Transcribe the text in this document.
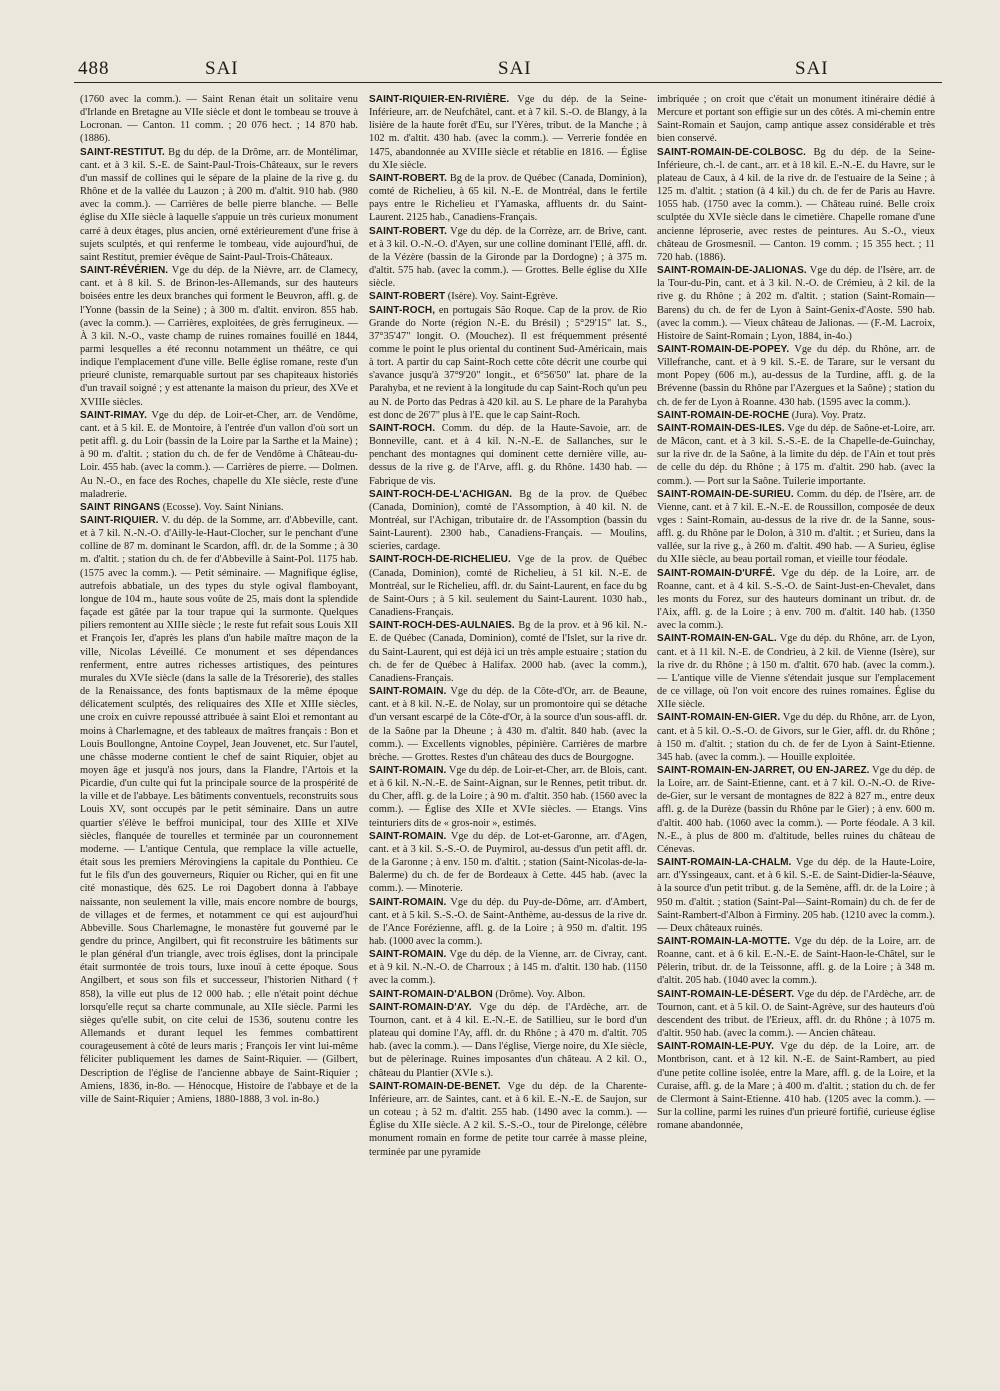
488	SAI	SAI	SAI

(1760 avec la comm.). — Saint Renan était un solitaire venu d'Irlande en Bretagne au VIIe siècle et dont le tombeau se trouve à Locronan. — Canton. 11 comm. ; 20 076 hect. ; 14 870 hab. (1886).

SAINT-RESTITUT. Bg du dép. de la Drôme, arr. de Montélimar, cant. et à 3 kil. S.-E. de Saint-Paul-Trois-Châteaux, sur le revers d'un massif de collines qui le sépare de la plaine de la rive g. du Rhône et de la vallée du Lauzon ; à 200 m. d'altit. 910 hab. (980 avec la comm.). — Carrières de belle pierre blanche. — Belle église du XIIe siècle à laquelle s'appuie un très curieux monument carré à deux étages, plus ancien, orné extérieurement d'une frise à sujets sculptés, et qui renferme le tombeau, vide aujourd'hui, de saint Restitut, premier évêque de Saint-Paul-Trois-Châteaux.

SAINT-RÉVÉRIEN. Vge du dép. de la Nièvre, arr. de Clamecy, cant. et à 8 kil. S. de Brinon-les-Allemands, sur des hauteurs boisées entre les deux branches qui forment le Beuvron, affl. g. de l'Yonne (bassin de la Seine) ; à 300 m. d'altit. environ. 855 hab. (avec la comm.). — Carrières, exploitées, de grès ferrugineux. — À 3 kil. N.-O., vaste champ de ruines romaines fouillé en 1844, parmi lesquelles a été reconnu notamment un théâtre, ce qui indique l'emplacement d'une ville. Belle église romane, reste d'un prieuré cluniste, remarquable surtout par ses chapiteaux historiés d'un travail soigné ; y est attenante la maison du prieur, des XVe et XVIIIe siècles.

SAINT-RIMAY. Vge du dép. de Loir-et-Cher, arr. de Vendôme, cant. et à 5 kil. E. de Montoire, à l'entrée d'un vallon d'où sort un petit affl. g. du Loir (bassin de la Loire par la Sarthe et la Maine) ; à 90 m. d'altit. ; station du ch. de fer de Vendôme à Château-du-Loir. 455 hab. (avec la comm.). — Carrières de pierre. — Dolmen. Au N.-O., en face des Roches, chapelle du XIe siècle, reste d'une maladrerie.

SAINT RINGANS (Ecosse). Voy. Saint Ninians.

SAINT-RIQUIER. V. du dép. de la Somme, arr. d'Abbeville, cant. et à 7 kil. N.-N.-O. d'Ailly-le-Haut-Clocher, sur le penchant d'une colline de 87 m. dominant le Scardon, affl. dr. de la Somme ; à 30 m. d'altit. ; station du ch. de fer d'Abbeville à Saint-Pol. 1175 hab. (1575 avec la comm.). — Petit séminaire. — Magnifique église, autrefois abbatiale, un des types du style ogival flamboyant, longue de 104 m., haute sous voûte de 25, mais dont la splendide façade est gâtée par la tour trapue qui la surmonte. Quelques piliers remontent au XIIIe siècle ; le reste fut refait sous Louis XII et François Ier, d'après les plans d'un habile maître maçon de la ville, Nicolas Léveillé. Ce monument et ses dépendances renferment, entre autres richesses artistiques, des peintures murales du XVIe siècle (dans la salle de la Trésorerie), des stalles de la Renaissance, des fonts baptismaux de la même époque délicatement sculptés, des reliquaires des XIIe et XIIIe siècles, une croix en cuivre repoussé attribuée à saint Eloi et remontant au moins à Charlemagne, et des tableaux de maîtres français : Bon et Louis Boullongne, Antoine Coypel, Jean Jouvenet, etc. Sur l'autel, une châsse moderne contient le chef de saint Riquier, objet au moyen âge et jusqu'à nos jours, dans la Flandre, l'Artois et la Picardie, d'un culte qui fut la principale source de la prospérité de la ville et de l'abbaye. Les bâtiments conventuels, reconstruits sous Louis XV, sont occupés par le petit séminaire. Dans un autre quartier s'élève le beffroi municipal, tour des XIIIe et XIVe siècles, flanquée de tourelles et terminée par un couronnement moderne. — L'antique Centula, que remplace la ville actuelle, était sous les premiers Mérovingiens la capitale du Ponthieu. Ce fut le fils d'un des gouverneurs, Riquier ou Richer, qui en fit une cité monastique, dès 625. Le roi Dagobert donna à l'abbaye naissante, non seulement la ville, mais encore nombre de bourgs, de villages et de fermes, et notamment ce qui est aujourd'hui Abbeville. Sous Charlemagne, le monastère fut gouverné par le gendre du prince, Angilbert, qui fit reconstruire les bâtiments sur le plan général d'un triangle, avec trois églises, dont la principale était surmontée de trois tours, luxe inouï à cette époque. Sous Angilbert, et sous son fils et successeur, l'historien Nithard († 858), la ville eut plus de 12 000 hab. ; elle n'était point déchue lorsqu'elle reçut sa charte communale, au XIIe siècle. Parmi les sièges qu'elle subit, on cite celui de 1536, soutenu contre les Allemands et durant lequel les femmes combattirent courageusement à côté de leurs maris ; François Ier vint lui-même féliciter publiquement les dames de Saint-Riquier. — (Gilbert, Description de l'église de l'ancienne abbaye de Saint-Riquier ; Amiens, 1836, in-8o. — Hénocque, Histoire de l'abbaye et de la ville de Saint-Riquier ; Amiens, 1880-1888, 3 vol. in-8o.)

SAINT-RIQUIER-EN-RIVIÈRE. Vge du dép. de la Seine-Inférieure, arr. de Neufchâtel, cant. et à 7 kil. S.-O. de Blangy, à la lisière de la haute forêt d'Eu, sur l'Yères, tribut. de la Manche ; à 102 m. d'altit. 430 hab. (avec la comm.). — Verrerie fondée en 1475, abandonnée au XVIIIe siècle et rétablie en 1816. — Église du XIe siècle.

SAINT-ROBERT. Bg de la prov. de Québec (Canada, Dominion), comté de Richelieu, à 65 kil. N.-E. de Montréal, dans le fertile pays entre le Richelieu et l'Yamaska, affluents dr. du Saint-Laurent. 2125 hab., Canadiens-Français.

SAINT-ROBERT. Vge du dép. de la Corrèze, arr. de Brive, cant. et à 3 kil. O.-N.-O. d'Ayen, sur une colline dominant l'Ellé, affl. dr. de la Vézère (bassin de la Gironde par la Dordogne) ; à 375 m. d'altit. 575 hab. (avec la comm.). — Grottes. Belle église du XIIe siècle.

SAINT-ROBERT (Isère). Voy. Saint-Egrève.

SAINT-ROCH, en portugais São Roque. Cap de la prov. de Rio Grande do Norte (région N.-E. du Brésil) ; 5°29'15" lat. S., 37°35'47" longit. O. (Mouchez). Il est fréquemment présenté comme le point le plus oriental du continent Sud-Américain, mais à tort. A partir du cap Saint-Roch cette côte décrit une courbe qui s'avance jusqu'à 37°9'20" longit., et 6°56'50" lat. phare de la Parahyba, et ne revient à la longitude du cap Saint-Roch qu'un peu au N. de Porto das Pedras à 420 kil. au S. Le phare de la Parahyba est donc de 26'7" plus à l'E. que le cap Saint-Roch.

SAINT-ROCH. Comm. du dép. de la Haute-Savoie, arr. de Bonneville, cant. et à 4 kil. N.-N.-E. de Sallanches, sur le penchant des montagnes qui dominent cette dernière ville, au-dessus de la rive g. de l'Arve, affl. g. du Rhône. 1430 hab. — Fabrique de vis.

SAINT-ROCH-DE-L'ACHIGAN. Bg de la prov. de Québec (Canada, Dominion), comté de l'Assomption, à 40 kil. N. de Montréal, sur l'Achigan, tributaire dr. de l'Assomption (bassin du Saint-Laurent). 2300 hab., Canadiens-Français. — Moulins, scieries, cardage.

SAINT-ROCH-DE-RICHELIEU. Vge de la prov. de Québec (Canada, Dominion), comté de Richelieu, à 51 kil. N.-E. de Montréal, sur le Richelieu, affl. dr. du Saint-Laurent, en face du bg de Saint-Ours ; à 5 kil. seulement du Saint-Laurent. 1030 hab., Canadiens-Français.

SAINT-ROCH-DES-AULNAIES. Bg de la prov. et à 96 kil. N.-E. de Québec (Canada, Dominion), comté de l'Islet, sur la rive dr. du Saint-Laurent, qui est déjà ici un très ample estuaire ; station du ch. de fer de Québec à Halifax. 2000 hab. (avec la comm.), Canadiens-Français.

SAINT-ROMAIN. Vge du dép. de la Côte-d'Or, arr. de Beaune, cant. et à 8 kil. N.-E. de Nolay, sur un promontoire qui se détache d'un versant escarpé de la Côte-d'Or, à la source d'un sous-affl. dr. de la Saône par la Dheune ; à 430 m. d'altit. 840 hab. (avec la comm.). — Excellents vignobles, pépinière. Carrières de marbre brèche. — Grottes. Restes d'un château des ducs de Bourgogne.

SAINT-ROMAIN. Vge du dép. de Loir-et-Cher, arr. de Blois, cant. et à 6 kil. N.-N.-E. de Saint-Aignan, sur le Rennes, petit tribut. dr. du Cher, affl. g. de la Loire ; à 90 m. d'altit. 350 hab. (1560 avec la comm.). — Église des XIIe et XVIe siècles. — Etangs. Vins teinturiers dits de « gros-noir », estimés.

SAINT-ROMAIN. Vge du dép. de Lot-et-Garonne, arr. d'Agen, cant. et à 3 kil. S.-S.-O. de Puymirol, au-dessus d'un petit affl. dr. de la Garonne ; à env. 150 m. d'altit. ; station (Saint-Nicolas-de-la-Balerme) du ch. de fer de Bordeaux à Cette. 445 hab. (avec la comm.). — Minoterie.

SAINT-ROMAIN. Vge du dép. du Puy-de-Dôme, arr. d'Ambert, cant. et à 5 kil. S.-S.-O. de Saint-Anthème, au-dessus de la rive dr. de l'Ance Forézienne, affl. g. de la Loire ; à 950 m. d'altit. 195 hab. (1000 avec la comm.).

SAINT-ROMAIN. Vge du dép. de la Vienne, arr. de Civray, cant. et à 9 kil. N.-N.-O. de Charroux ; à 145 m. d'altit. 130 hab. (1150 avec la comm.).

SAINT-ROMAIN-D'ALBON (Drôme). Voy. Albon.

SAINT-ROMAIN-D'AY. Vge du dép. de l'Ardèche, arr. de Tournon, cant. et à 4 kil. E.-N.-E. de Satillieu, sur le bord d'un plateau qui domine l'Ay, affl. dr. du Rhône ; à 470 m. d'altit. 705 hab. (avec la comm.). — Dans l'église, Vierge noire, du XIe siècle, but de pèlerinage. Ruines imposantes d'un château. A 2 kil. O., château du Plantier (XVIe s.).

SAINT-ROMAIN-DE-BENET. Vge du dép. de la Charente-Inférieure, arr. de Saintes, cant. et à 6 kil. E.-N.-E. de Saujon, sur un coteau ; à 52 m. d'altit. 255 hab. (1490 avec la comm.). — Église du XIIe siècle. A 2 kil. S.-S.-O., tour de Pirelonge, célèbre monument romain en forme de petite tour carrée à masse pleine, terminée par une pyramide

imbriquée ; on croit que c'était un monument itinéraire dédié à Mercure et portant son effigie sur un des côtés. A mi-chemin entre Saint-Romain et Saujon, camp antique assez considérable et très bien conservé.

SAINT-ROMAIN-DE-COLBOSC. Bg du dép. de la Seine-Inférieure, ch.-l. de cant., arr. et à 18 kil. E.-N.-E. du Havre, sur le plateau de Caux, à 4 kil. de la rive dr. de l'estuaire de la Seine ; à 125 m. d'altit. ; station (à 4 kil.) du ch. de fer de Paris au Havre. 1055 hab. (1750 avec la comm.). — Château ruiné. Belle croix sculptée du XVIe siècle dans le cimetière. Chapelle romane d'une ancienne léproserie, avec restes de peintures. Au S.-O., vieux château de Grosmesnil. — Canton. 19 comm. ; 15 355 hect. ; 11 720 hab. (1886).

SAINT-ROMAIN-DE-JALIONAS. Vge du dép. de l'Isère, arr. de la Tour-du-Pin, cant. et à 3 kil. N.-O. de Crémieu, à 2 kil. de la rive g. du Rhône ; à 202 m. d'altit. ; station (Saint-Romain—Barens) du ch. de fer de Lyon à Saint-Genix-d'Aoste. 590 hab. (avec la comm.). — Vieux château de Jalionas. — (F.-M. Lacroix, Histoire de Saint-Romain ; Lyon, 1884, in-4o.)

SAINT-ROMAIN-DE-POPEY. Vge du dép. du Rhône, arr. de Villefranche, cant. et à 9 kil. S.-E. de Tarare, sur le versant du mont Popey (606 m.), au-dessus de la Turdine, affl. g. de la Brévenne (bassin du Rhône par l'Azergues et la Saône) ; station du ch. de fer de Lyon à Roanne. 430 hab. (1595 avec la comm.).

SAINT-ROMAIN-DE-ROCHE (Jura). Voy. Pratz.

SAINT-ROMAIN-DES-ILES. Vge du dép. de Saône-et-Loire, arr. de Mâcon, cant. et à 3 kil. S.-S.-E. de la Chapelle-de-Guinchay, sur la rive dr. de la Saône, à la limite du dép. de l'Ain et tout près de celle du dép. du Rhône ; à 175 m. d'altit. 290 hab. (avec la comm.). — Port sur la Saône. Tuilerie importante.

SAINT-ROMAIN-DE-SURIEU. Comm. du dép. de l'Isère, arr. de Vienne, cant. et à 7 kil. E.-N.-E. de Roussillon, composée de deux vges : Saint-Romain, au-dessus de la rive dr. de la Sanne, sous-affl. g. du Rhône par le Dolon, à 310 m. d'altit. ; et Surieu, dans la vallée, sur la rive g., à 260 m. d'altit. 490 hab. — A Surieu, église du XIIe siècle, au beau portail roman, et vieille tour féodale.

SAINT-ROMAIN-D'URFÉ. Vge du dép. de la Loire, arr. de Roanne, cant. et à 4 kil. S.-S.-O. de Saint-Just-en-Chevalet, dans les monts du Forez, sur des hauteurs dominant un tribut. dr. de l'Aix, affl. g. de la Loire ; à env. 700 m. d'altit. 140 hab. (1350 avec la comm.).

SAINT-ROMAIN-EN-GAL. Vge du dép. du Rhône, arr. de Lyon, cant. et à 11 kil. N.-E. de Condrieu, à 2 kil. de Vienne (Isère), sur la rive dr. du Rhône ; à 150 m. d'altit. 670 hab. (avec la comm.). — L'antique ville de Vienne s'étendait jusque sur l'emplacement de ce village, où l'on voit encore des ruines romaines. Église du XIIe siècle.

SAINT-ROMAIN-EN-GIER. Vge du dép. du Rhône, arr. de Lyon, cant. et à 5 kil. O.-S.-O. de Givors, sur le Gier, affl. dr. du Rhône ; à 150 m. d'altit. ; station du ch. de fer de Lyon à Saint-Etienne. 345 hab. (avec la comm.). — Houille exploitée.

SAINT-ROMAIN-EN-JARRET, OU EN-JAREZ. Vge du dép. de la Loire, arr. de Saint-Etienne, cant. et à 7 kil. O.-N.-O. de Rive-de-Gier, sur le versant de montagnes de 822 à 827 m., entre deux affl. g. de la Durèze (bassin du Rhône par le Gier) ; à env. 600 m. d'altit. 400 hab. (1060 avec la comm.). — Porte féodale. A 3 kil. N.-E., à plus de 800 m. d'altitude, belles ruines du château de Cénevas.

SAINT-ROMAIN-LA-CHALM. Vge du dép. de la Haute-Loire, arr. d'Yssingeaux, cant. et à 6 kil. S.-E. de Saint-Didier-la-Séauve, à la source d'un petit tribut. g. de la Semène, affl. dr. de la Loire ; à 950 m. d'altit. ; station (Saint-Pal—Saint-Romain) du ch. de fer de Saint-Rambert-d'Albon à Firminy. 205 hab. (1210 avec la comm.). — Deux châteaux ruinés.

SAINT-ROMAIN-LA-MOTTE. Vge du dép. de la Loire, arr. de Roanne, cant. et à 6 kil. E.-N.-E. de Saint-Haon-le-Châtel, sur le Pèlerin, tribut. dr. de la Teissonne, affl. g. de la Loire ; à 348 m. d'altit. 205 hab. (1040 avec la comm.).

SAINT-ROMAIN-LE-DÉSERT. Vge du dép. de l'Ardèche, arr. de Tournon, cant. et à 5 kil. O. de Saint-Agrève, sur des hauteurs d'où descendent des tribut. de l'Erieux, affl. dr. du Rhône ; à 1075 m. d'altit. 950 hab. (avec la comm.). — Ancien château.

SAINT-ROMAIN-LE-PUY. Vge du dép. de la Loire, arr. de Montbrison, cant. et à 12 kil. N.-E. de Saint-Rambert, au pied d'une petite colline isolée, entre la Mare, affl. g. de la Loire, et la Curaise, affl. g. de la Mare ; à 400 m. d'altit. ; station du ch. de fer de Clermont à Saint-Etienne. 410 hab. (1205 avec la comm.). — Sur la colline, parmi les ruines d'un prieuré fortifié, curieuse église romane abandonnée,
